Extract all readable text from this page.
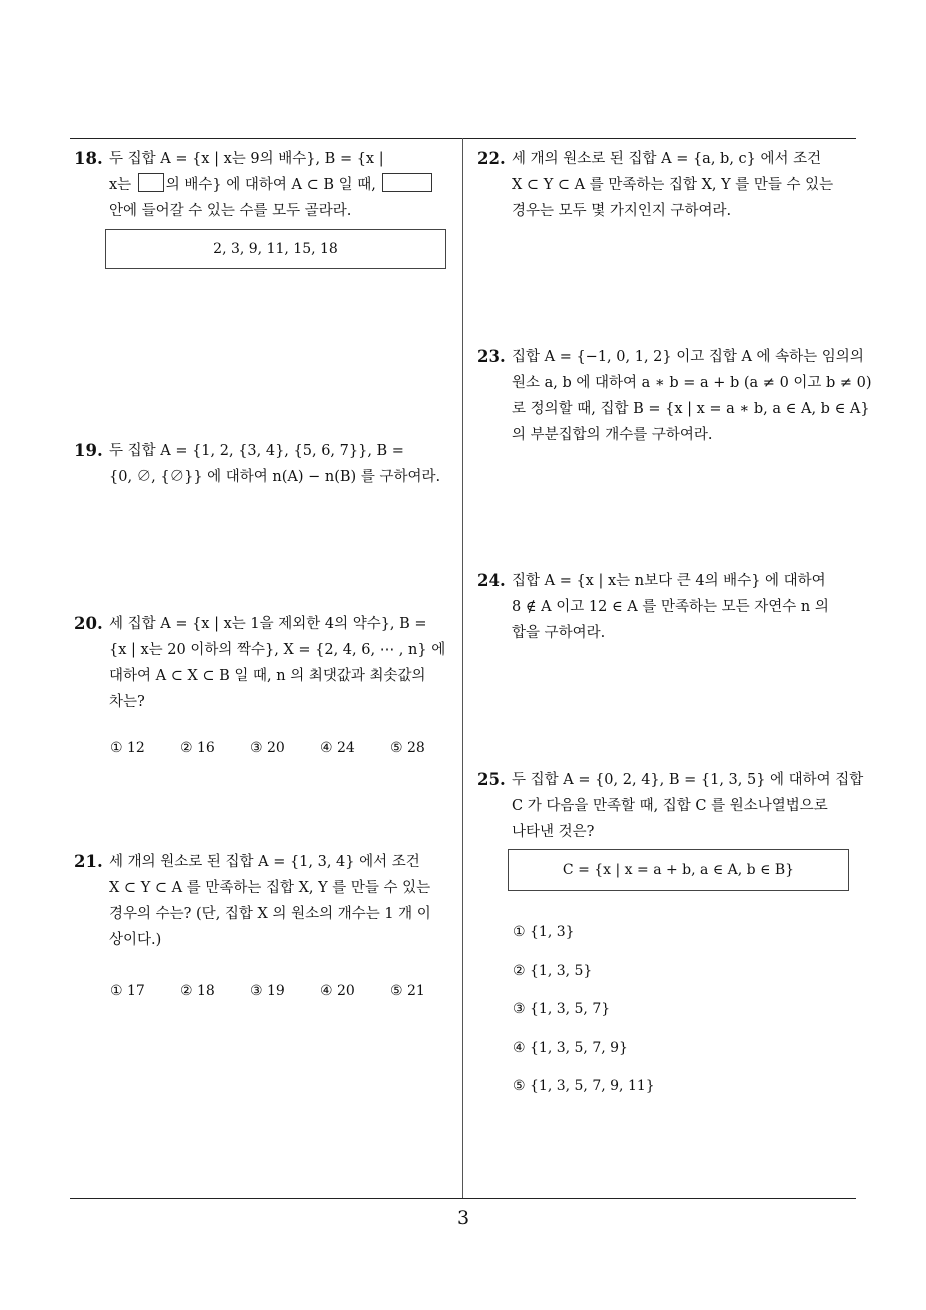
18. 두 집합 A = {x | x는 9의 배수}, B = {x |
x는 의 배수} 에 대하여 A ⊂ B 일 때,
안에 들어갈 수 있는 수를 모두 골라라.
2, 3, 9, 11, 15, 18
19. 두 집합 A = {1, 2, {3, 4}, {5, 6, 7}}, B =
{0, ∅, {∅}} 에 대하여 n(A) − n(B) 를 구하여라.
20. 세 집합 A = {x | x는 1을 제외한 4의 약수}, B =
{x | x는 20 이하의 짝수}, X = {2, 4, 6, ⋯ , n} 에
대하여 A ⊂ X ⊂ B 일 때, n 의 최댓값과 최솟값의
차는?
① 12	② 16	③ 20	④ 24	⑤ 28
21. 세 개의 원소로 된 집합 A = {1, 3, 4} 에서 조건
X ⊂ Y ⊂ A 를 만족하는 집합 X, Y 를 만들 수 있는
경우의 수는? (단, 집합 X 의 원소의 개수는 1 개 이
상이다.)
① 17	② 18	③ 19	④ 20	⑤ 21
22. 세 개의 원소로 된 집합 A = {a, b, c} 에서 조건
X ⊂ Y ⊂ A 를 만족하는 집합 X, Y 를 만들 수 있는
경우는 모두 몇 가지인지 구하여라.
23. 집합 A = {−1, 0, 1, 2} 이고 집합 A 에 속하는 임의의
원소 a, b 에 대하여 a ∗ b = a + b (a ≠ 0 이고 b ≠ 0)
로 정의할 때, 집합 B = {x | x = a ∗ b, a ∈ A, b ∈ A}
의 부분집합의 개수를 구하여라.
24. 집합 A = {x | x는 n보다 큰 4의 배수} 에 대하여
8 ∉ A 이고 12 ∈ A 를 만족하는 모든 자연수 n 의
합을 구하여라.
25. 두 집합 A = {0, 2, 4}, B = {1, 3, 5} 에 대하여 집합
C 가 다음을 만족할 때, 집합 C 를 원소나열법으로
나타낸 것은?
C = {x | x = a + b, a ∈ A, b ∈ B}
① {1, 3}
② {1, 3, 5}
③ {1, 3, 5, 7}
④ {1, 3, 5, 7, 9}
⑤ {1, 3, 5, 7, 9, 11}
3
